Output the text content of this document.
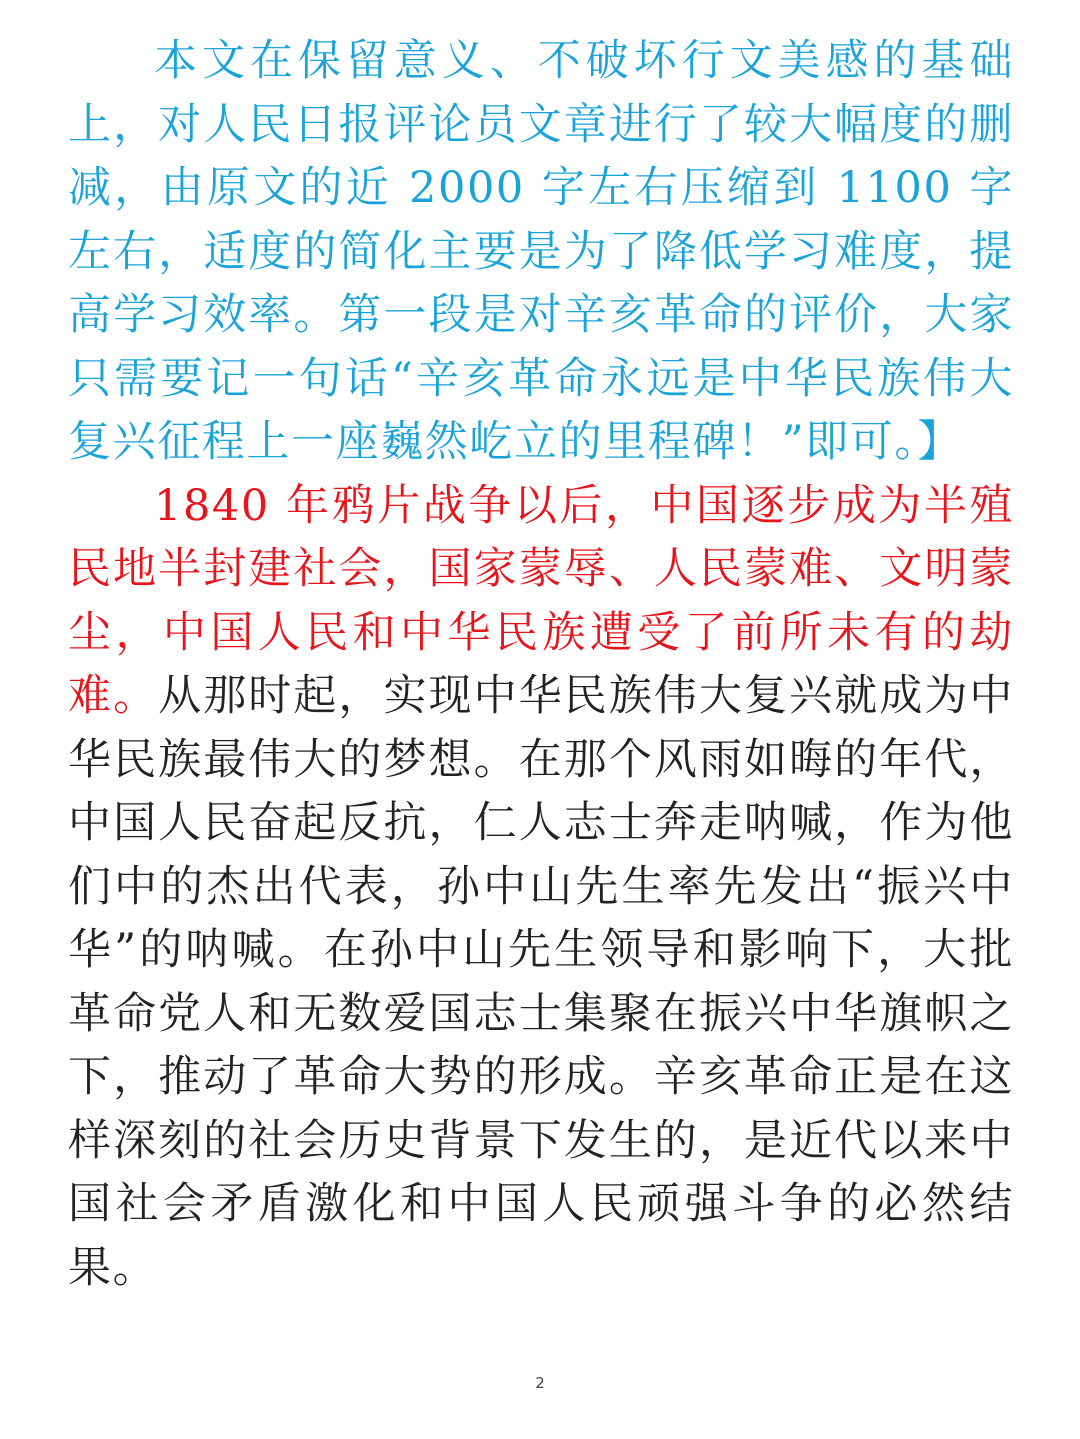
本文在保留意义、不破坏行文美感的基础上，对人民日报评论员文章进行了较大幅度的删减，由原文的近 2000 字左右压缩到 1100 字左右，适度的简化主要是为了降低学习难度，提高学习效率。第一段是对辛亥革命的评价，大家只需要记一句话“辛亥革命永远是中华民族伟大复兴征程上一座巍然屹立的里程碑！”即可。】

1840 年鸦片战争以后，中国逐步成为半殖民地半封建社会，国家蒙辱、人民蒙难、文明蒙尘，中国人民和中华民族遭受了前所未有的劫难。从那时起，实现中华民族伟大复兴就成为中华民族最伟大的梦想。在那个风雨如晦的年代，中国人民奋起反抗，仁人志士奔走呐喊，作为他们中的杰出代表，孙中山先生率先发出“振兴中华”的呐喊。在孙中山先生领导和影响下，大批革命党人和无数爱国志士集聚在振兴中华旗帜之下，推动了革命大势的形成。辛亥革命正是在这样深刻的社会历史背景下发生的，是近代以来中国社会矛盾激化和中国人民顽强斗争的必然结果。

2
